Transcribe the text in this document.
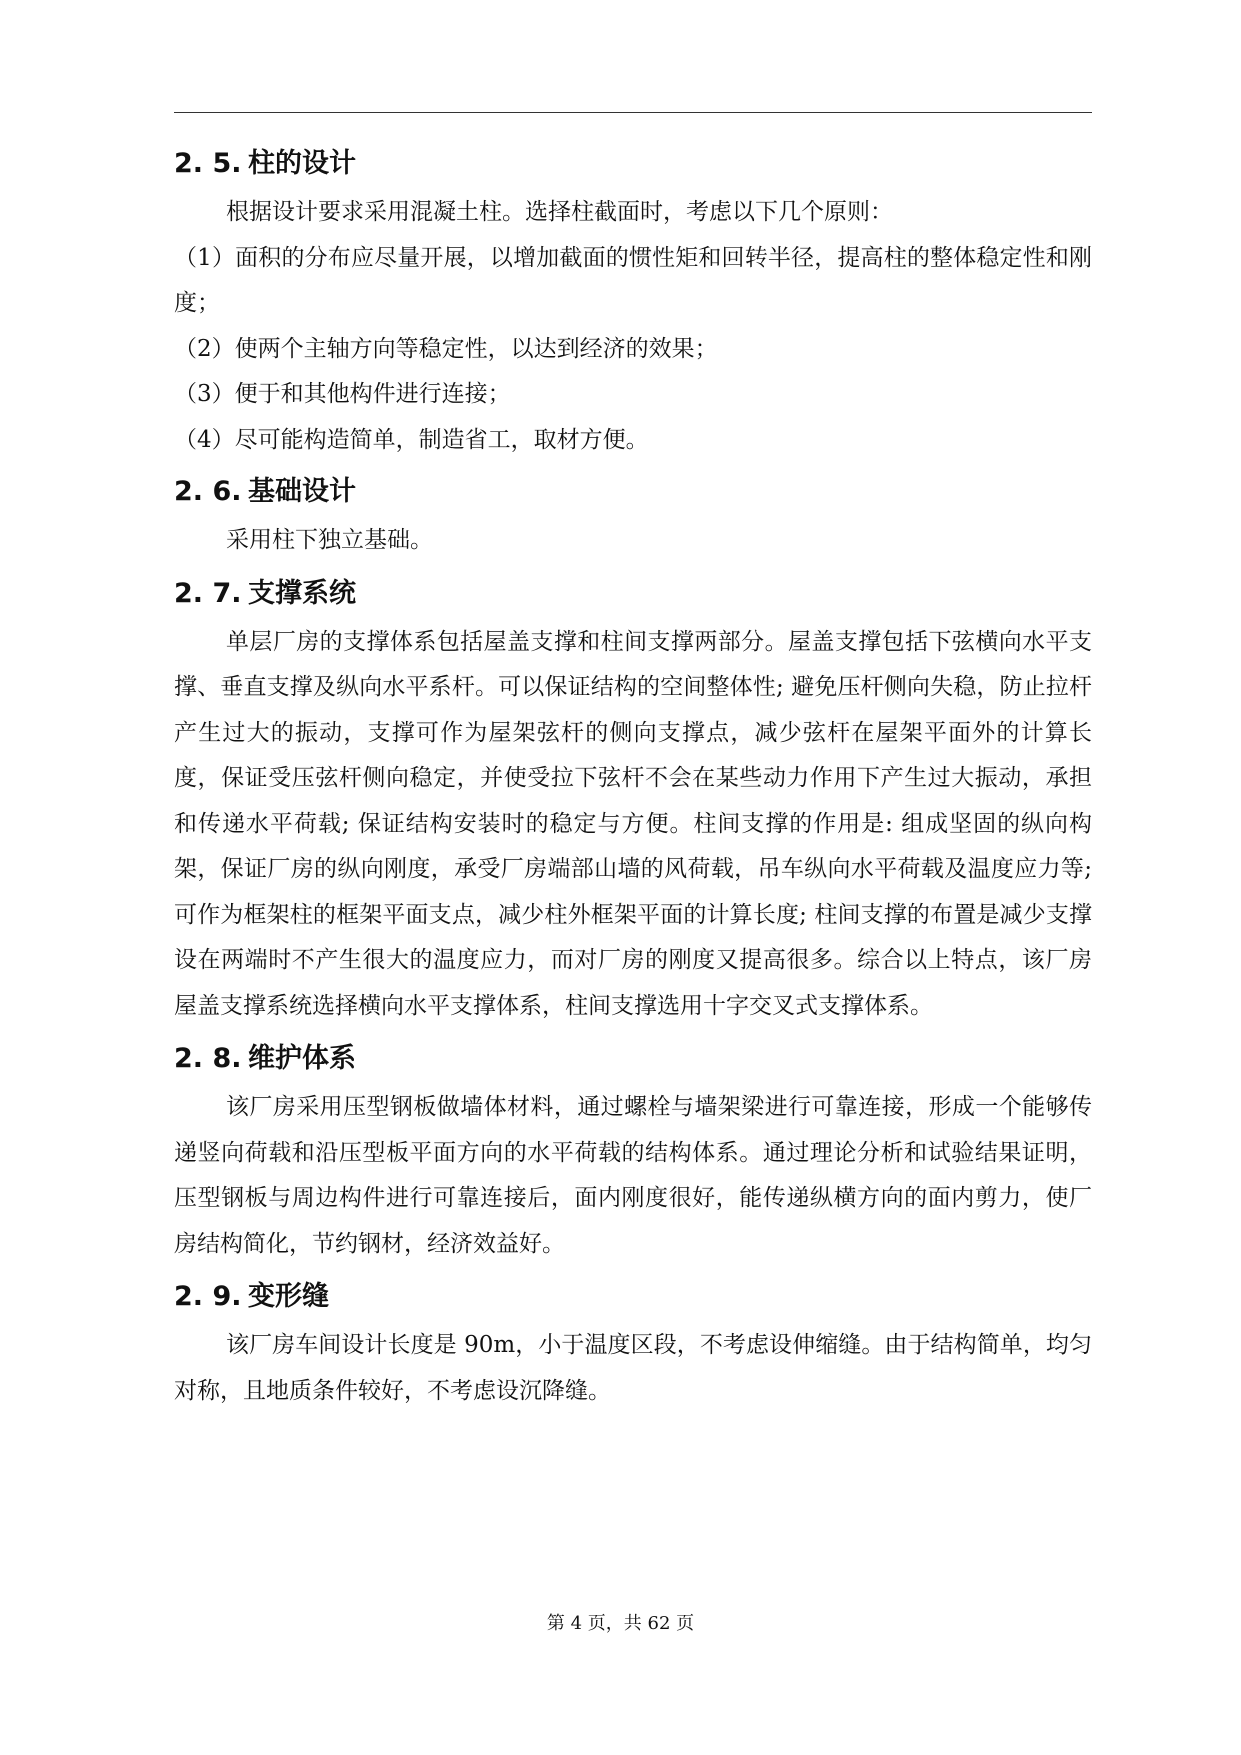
2. 5. 柱的设计

根据设计要求采用混凝土柱。选择柱截面时，考虑以下几个原则：

（1）面积的分布应尽量开展，以增加截面的惯性矩和回转半径，提高柱的整体稳定性和刚度；

（2）使两个主轴方向等稳定性，以达到经济的效果；

（3）便于和其他构件进行连接；

（4）尽可能构造简单，制造省工，取材方便。

2. 6. 基础设计

采用柱下独立基础。

2. 7. 支撑系统

单层厂房的支撑体系包括屋盖支撑和柱间支撑两部分。屋盖支撑包括下弦横向水平支撑、垂直支撑及纵向水平系杆。可以保证结构的空间整体性; 避免压杆侧向失稳，防止拉杆产生过大的振动，支撑可作为屋架弦杆的侧向支撑点，减少弦杆在屋架平面外的计算长度，保证受压弦杆侧向稳定，并使受拉下弦杆不会在某些动力作用下产生过大振动，承担和传递水平荷载; 保证结构安装时的稳定与方便。柱间支撑的作用是: 组成坚固的纵向构架，保证厂房的纵向刚度，承受厂房端部山墙的风荷载，吊车纵向水平荷载及温度应力等; 可作为框架柱的框架平面支点，减少柱外框架平面的计算长度; 柱间支撑的布置是减少支撑设在两端时不产生很大的温度应力，而对厂房的刚度又提高很多。综合以上特点，该厂房屋盖支撑系统选择横向水平支撑体系，柱间支撑选用十字交叉式支撑体系。

2. 8. 维护体系

该厂房采用压型钢板做墙体材料，通过螺栓与墙架梁进行可靠连接，形成一个能够传递竖向荷载和沿压型板平面方向的水平荷载的结构体系。通过理论分析和试验结果证明，压型钢板与周边构件进行可靠连接后，面内刚度很好，能传递纵横方向的面内剪力，使厂房结构简化，节约钢材，经济效益好。

2. 9. 变形缝

该厂房车间设计长度是 90m，小于温度区段，不考虑设伸缩缝。由于结构简单，均匀对称，且地质条件较好，不考虑设沉降缝。

第 4 页，共 62 页
